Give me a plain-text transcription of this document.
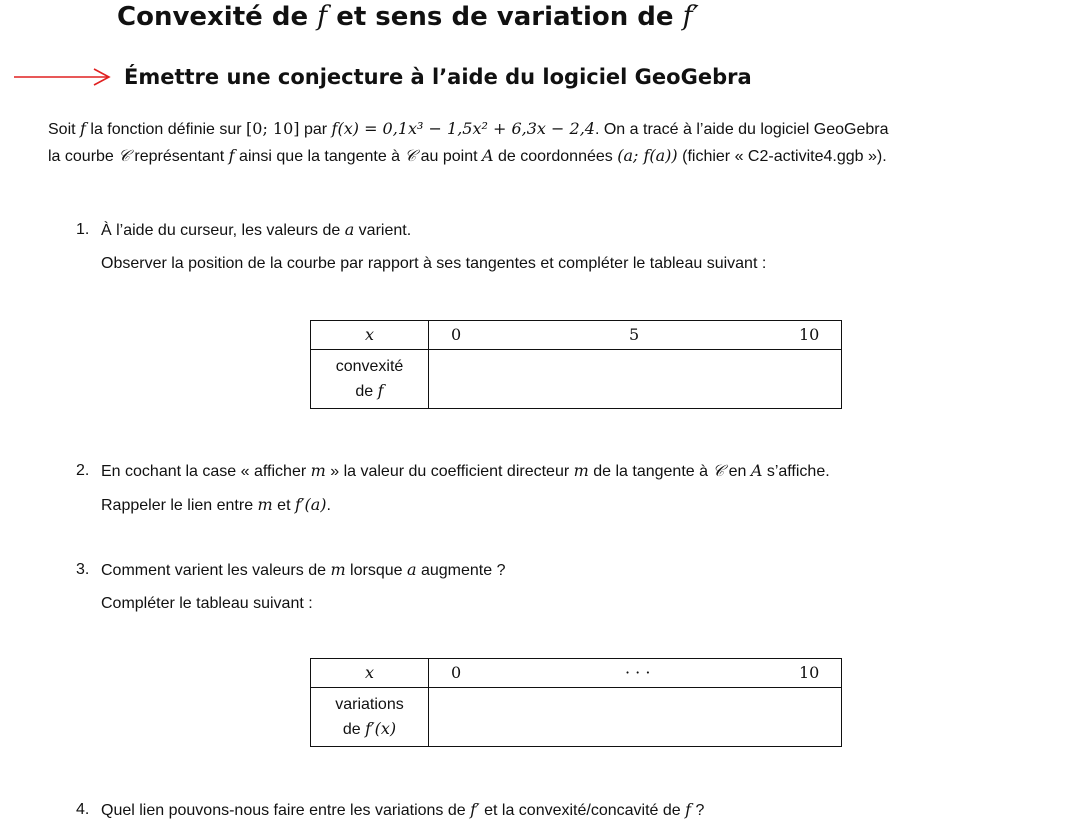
Convexité de f et sens de variation de f′
Émettre une conjecture à l’aide du logiciel GeoGebra

Soit f la fonction définie sur [0; 10] par f(x) = 0,1x³ − 1,5x² + 6,3x − 2,4. On a tracé à l’aide du logiciel GeoGebra

la courbe 𝒞 représentant f ainsi que la tangente à 𝒞 au point A de coordonnées (a; f(a)) (fichier « C2-activite4.ggb »).

1. À l’aide du curseur, les valeurs de a varient.
Observer la position de la courbe par rapport à ses tangentes et compléter le tableau suivant :
x	0 5 10

convexité
de f	

2. En cochant la case « afficher m » la valeur du coefficient directeur m de la tangente à 𝒞 en A s’affiche.
Rappeler le lien entre m et f′(a).
3. Comment varient les valeurs de m lorsque a augmente ?
Compléter le tableau suivant :
x	0 · · · 10

variations
de f′(x)	

4. Quel lien pouvons-nous faire entre les variations de f′ et la convexité/concavité de f ?
